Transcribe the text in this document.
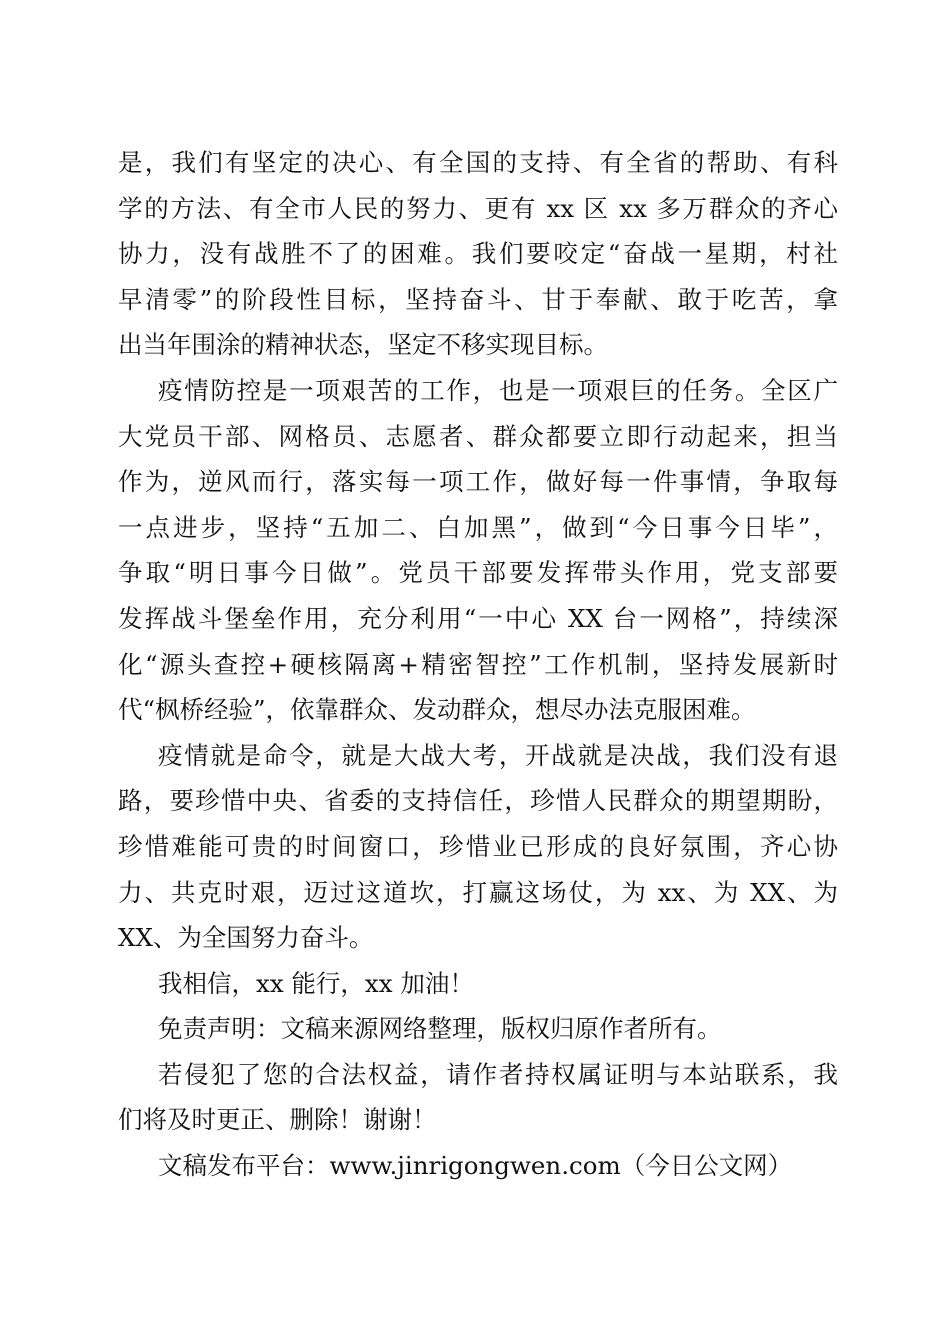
是，我们有坚定的决心、有全国的支持、有全省的帮助、有科
学的方法、有全市人民的努力、更有 xx 区 xx 多万群众的齐心
协力，没有战胜不了的困难。我们要咬定“奋战一星期，村社
早清零”的阶段性目标，坚持奋斗、甘于奉献、敢于吃苦，拿
出当年围涂的精神状态，坚定不移实现目标。
疫情防控是一项艰苦的工作，也是一项艰巨的任务。全区广
大党员干部、网格员、志愿者、群众都要立即行动起来，担当
作为，逆风而行，落实每一项工作，做好每一件事情，争取每
一点进步，坚持“五加二、白加黑”，做到“今日事今日毕”，
争取“明日事今日做”。党员干部要发挥带头作用，党支部要
发挥战斗堡垒作用，充分利用“一中心 XX 台一网格”，持续深
化“源头查控+硬核隔离+精密智控”工作机制，坚持发展新时
代“枫桥经验”，依靠群众、发动群众，想尽办法克服困难。
疫情就是命令，就是大战大考，开战就是决战，我们没有退
路，要珍惜中央、省委的支持信任，珍惜人民群众的期望期盼，
珍惜难能可贵的时间窗口，珍惜业已形成的良好氛围，齐心协
力、共克时艰，迈过这道坎，打赢这场仗，为 xx、为 XX、为
XX、为全国努力奋斗。
我相信，xx 能行，xx 加油！
免责声明：文稿来源网络整理，版权归原作者所有。
若侵犯了您的合法权益，请作者持权属证明与本站联系，我
们将及时更正、删除！谢谢！
文稿发布平台：www.jinrigongwen.com（今日公文网）
